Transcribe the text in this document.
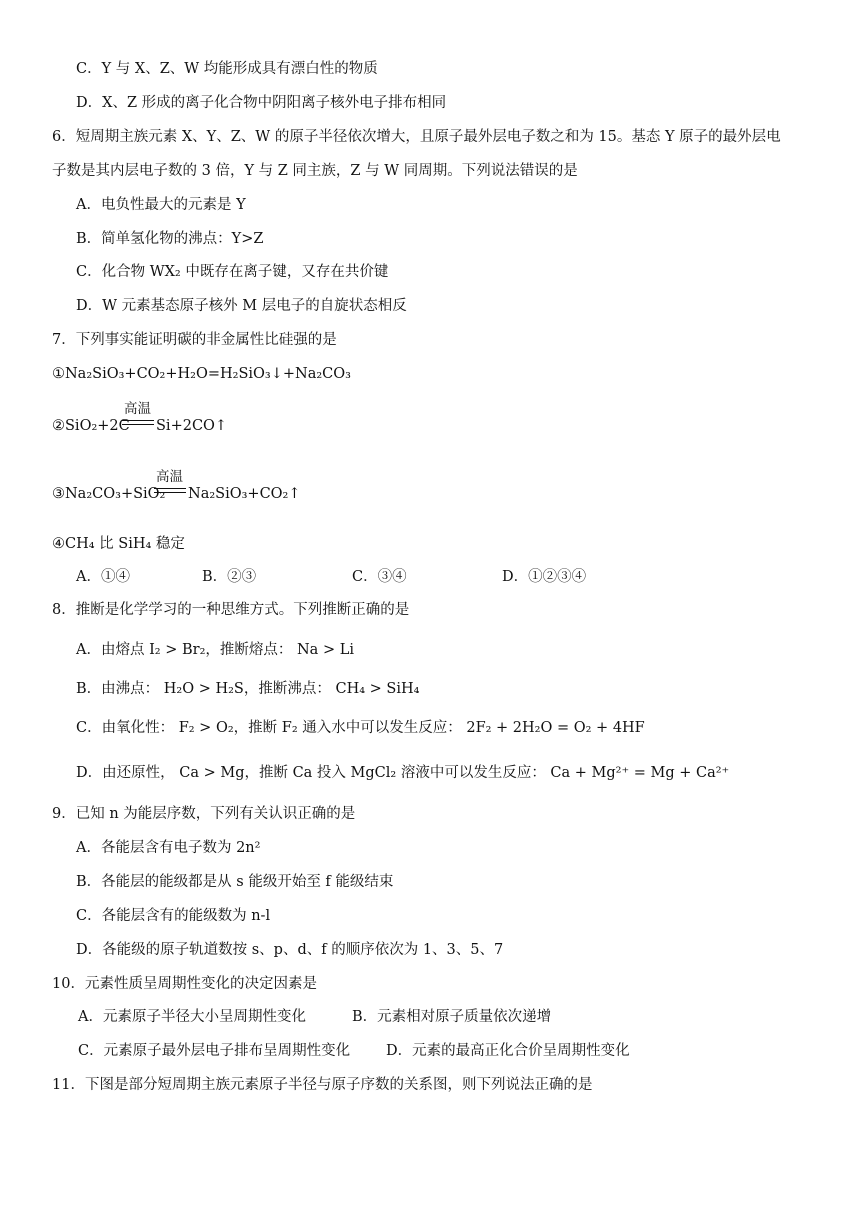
C．Y 与 X、Z、W 均能形成具有漂白性的物质
D．X、Z 形成的离子化合物中阴阳离子核外电子排布相同
6．短周期主族元素 X、Y、Z、W 的原子半径依次增大，且原子最外层电子数之和为 15。基态 Y 原子的最外层电
子数是其内层电子数的 3 倍，Y 与 Z 同主族，Z 与 W 同周期。下列说法错误的是
A．电负性最大的元素是 Y
B．简单氢化物的沸点：Y>Z
C．化合物 WX₂ 中既存在离子键，又存在共价键
D．W 元素基态原子核外 M 层电子的自旋状态相反
7．下列事实能证明碳的非金属性比硅强的是
①Na₂SiO₃+CO₂+H₂O=H₂SiO₃↓+Na₂CO₃
②SiO₂+2C
高温
Si+2CO↑
③Na₂CO₃+SiO₂
高温
Na₂SiO₃+CO₂↑
④CH₄ 比 SiH₄ 稳定
A．①④	B．②③	C．③④	D．①②③④
8．推断是化学学习的一种思维方式。下列推断正确的是
A．由熔点 I₂ > Br₂，推断熔点： Na > Li
B．由沸点： H₂O > H₂S，推断沸点： CH₄ > SiH₄
C．由氧化性： F₂ > O₂，推断 F₂ 通入水中可以发生反应： 2F₂ + 2H₂O = O₂ + 4HF
D．由还原性， Ca > Mg，推断 Ca 投入 MgCl₂ 溶液中可以发生反应： Ca + Mg²⁺ = Mg + Ca²⁺
9．已知 n 为能层序数，下列有关认识正确的是
A．各能层含有电子数为 2n²
B．各能层的能级都是从 s 能级开始至 f 能级结束
C．各能层含有的能级数为 n-l
D．各能级的原子轨道数按 s、p、d、f 的顺序依次为 1、3、5、7
10．元素性质呈周期性变化的决定因素是
A．元素原子半径大小呈周期性变化	B．元素相对原子质量依次递增
C．元素原子最外层电子排布呈周期性变化 D．元素的最高正化合价呈周期性变化
11．下图是部分短周期主族元素原子半径与原子序数的关系图，则下列说法正确的是
